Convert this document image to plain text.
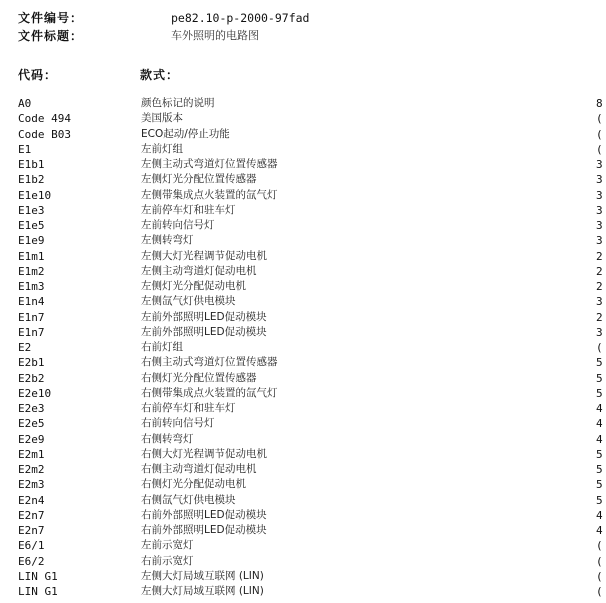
文件编号：	pe82.10-p-2000-97fad
文件标题：	车外照明的电路图
代码：	款式：
A0	颜色标记的说明	8
Code 494	美国版本	(
Code B03	ECO起动/停止功能	(
E1	左前灯组	(
E1b1	左侧主动式弯道灯位置传感器	3
E1b2	左侧灯光分配位置传感器	3
E1e10	左侧带集成点火装置的氙气灯	3
E1e3	左前停车灯和驻车灯	3
E1e5	左前转向信号灯	3
E1e9	左侧转弯灯	3
E1m1	左侧大灯光程调节促动电机	2
E1m2	左侧主动弯道灯促动电机	2
E1m3	左侧灯光分配促动电机	2
E1n4	左侧氙气灯供电模块	3
E1n7	左前外部照明LED促动模块	2
E1n7	左前外部照明LED促动模块	3
E2	右前灯组	(
E2b1	右侧主动式弯道灯位置传感器	5
E2b2	右侧灯光分配位置传感器	5
E2e10	右侧带集成点火装置的氙气灯	5
E2e3	右前停车灯和驻车灯	4
E2e5	右前转向信号灯	4
E2e9	右侧转弯灯	4
E2m1	右侧大灯光程调节促动电机	5
E2m2	右侧主动弯道灯促动电机	5
E2m3	右侧灯光分配促动电机	5
E2n4	右侧氙气灯供电模块	5
E2n7	右前外部照明LED促动模块	4
E2n7	右前外部照明LED促动模块	4
E6/1	左前示宽灯	(
E6/2	右前示宽灯	(
LIN G1	左侧大灯局域互联网 (LIN)	(
LIN G1	左侧大灯局域互联网 (LIN)	(
